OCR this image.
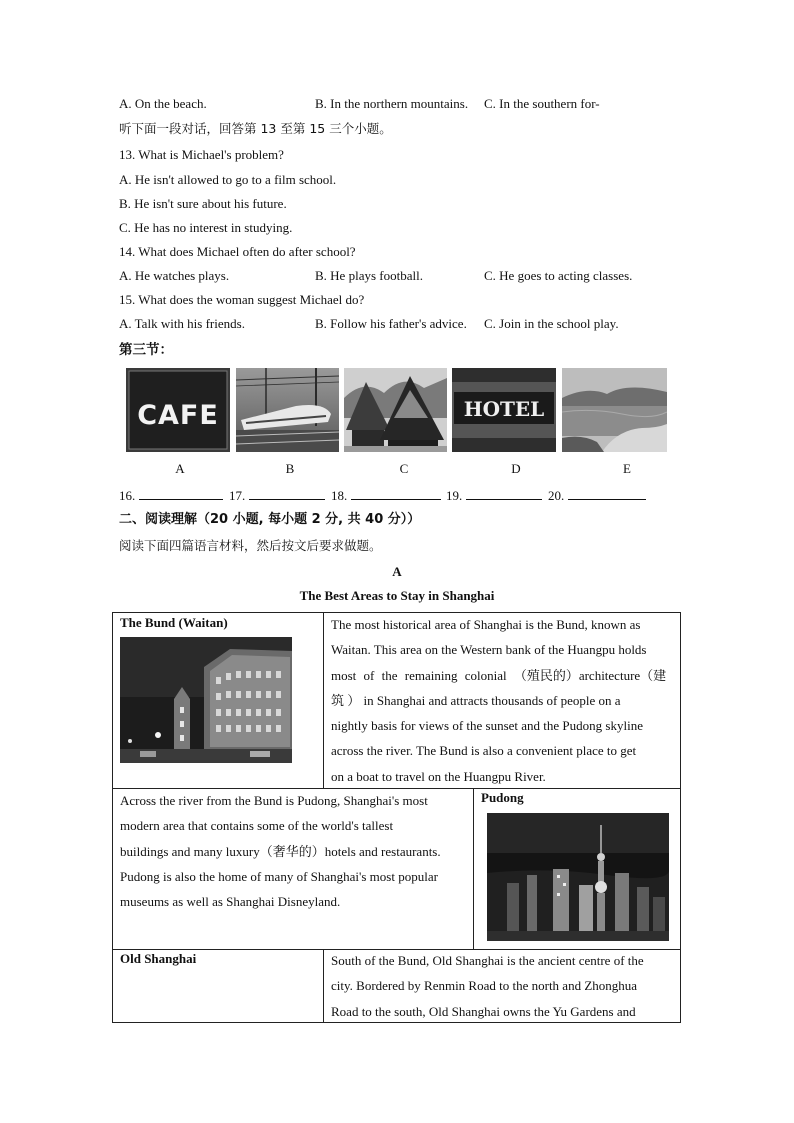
A. On the beach.	B. In the northern mountains. C. In the southern for-
听下面一段对话，回答第 13 至第 15 三个小题。
13. What is Michael's problem?
A. He isn't allowed to go to a film school.
B. He isn't sure about his future.
C. He has no interest in studying.
14. What does Michael often do after school?
A. He watches plays.	B. He plays football.	C. He goes to acting classes.
15. What does the woman suggest Michael do?
A. Talk with his friends.	B. Follow his father's advice. C. Join in the school play.
第三节：
CAFE	HOTEL
A	B	C	D	E
16.	17.	18.	19.	20.
二、阅读理解（20 小题, 每小题 2 分, 共 40 分））
阅读下面四篇语言材料，然后按文后要求做题。
A
The Best Areas to Stay in Shanghai
The Bund (Waitan)	The most historical area of Shanghai is the Bund, known as
Waitan. This area on the Western bank of the Huangpu holds
most of the remaining colonial （殖民的）architecture（建
筑 ） in Shanghai and attracts thousands of people on a
nightly basis for views of the sunset and the Pudong skyline
across the river. The Bund is also a convenient place to get
on a boat to travel on the Huangpu River.
Across the river from the Bund is Pudong, Shanghai's most
modern area that contains some of the world's tallest
buildings and many luxury（奢华的）hotels and restaurants.
Pudong is also the home of many of Shanghai's most popular
museums as well as Shanghai Disneyland.
Pudong
Old Shanghai	South of the Bund, Old Shanghai is the ancient centre of the
city. Bordered by Renmin Road to the north and Zhonghua
Road to the south, Old Shanghai owns the Yu Gardens and
